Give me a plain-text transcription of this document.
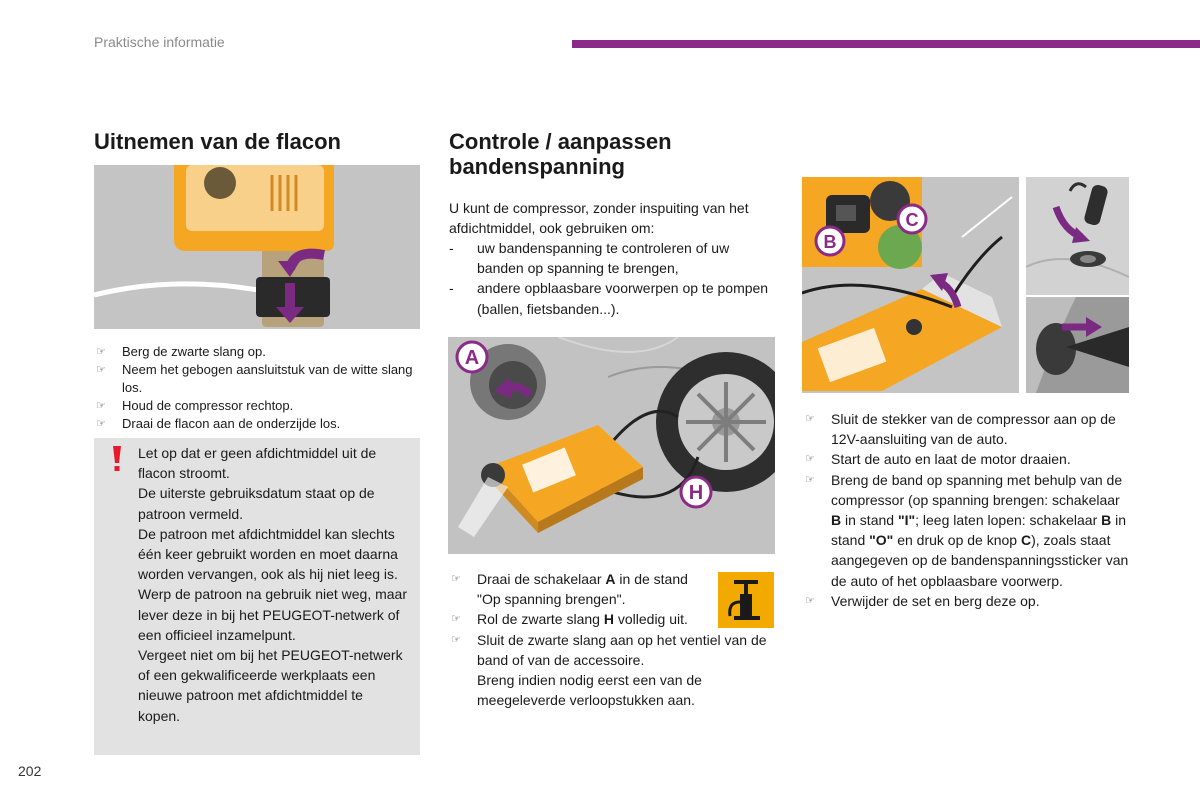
Praktische informatie
Uitnemen van de flacon
☞ Berg de zwarte slang op.
☞ Neem het gebogen aansluitstuk van de witte slang los.
☞ Houd de compressor rechtop.
☞ Draai de flacon aan de onderzijde los.

Let op dat er geen afdichtmiddel uit de flacon stroomt.

De uiterste gebruiksdatum staat op de patroon vermeld.

De patroon met afdichtmiddel kan slechts één keer gebruikt worden en moet daarna worden vervangen, ook als hij niet leeg is.

Werp de patroon na gebruik niet weg, maar lever deze in bij het PEUGEOT-netwerk of een officieel inzamelpunt.

Vergeet niet om bij het PEUGEOT-netwerk of een gekwalificeerde werkplaats een nieuwe patroon met afdichtmiddel te kopen.

Controle / aanpassen bandenspanning
U kunt de compressor, zonder inspuiting van het afdichtmiddel, ook gebruiken om:
- uw bandenspanning te controleren of uw banden op spanning te brengen,
- andere opblaasbare voorwerpen op te pompen (ballen, fietsbanden...).
A
H
☞ Draai de schakelaar A in de stand "Op spanning brengen".
☞ Rol de zwarte slang H volledig uit.
☞ Sluit de zwarte slang aan op het ventiel van de band of van de accessoire.
Breng indien nodig eerst een van de meegeleverde verloopstukken aan.
B
C
☞ Sluit de stekker van de compressor aan op de 12V-aansluiting van de auto.
☞ Start de auto en laat de motor draaien.
☞ Breng de band op spanning met behulp van de compressor (op spanning brengen: schakelaar B in stand "I"; leeg laten lopen: schakelaar B in stand "O" en druk op de knop C), zoals staat aangegeven op de bandenspanningssticker van de auto of het opblaasbare voorwerp.
☞ Verwijder de set en berg deze op.
202
